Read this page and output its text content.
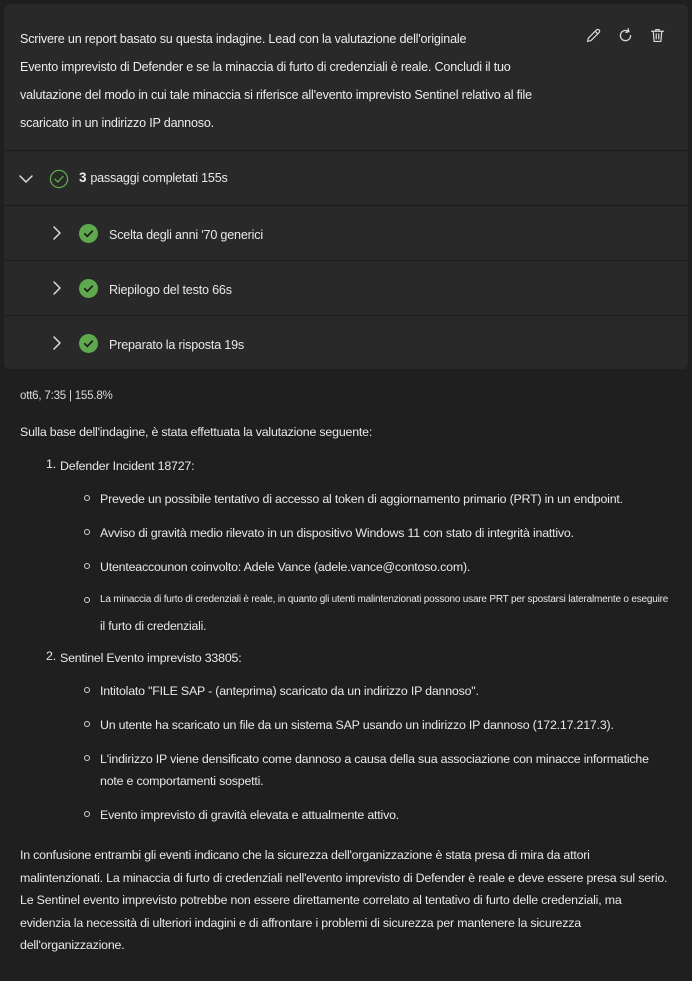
Scrivere un report basato su questa indagine. Lead con la valutazione dell'originale
Evento imprevisto di Defender e se la minaccia di furto di credenziali è reale. Concludi il tuo
valutazione del modo in cui tale minaccia si riferisce all'evento imprevisto Sentinel relativo al file
scaricato in un indirizzo IP dannoso.
3 passaggi completati 155s
Scelta degli anni '70 generici
Riepilogo del testo 66s
Preparato la risposta 19s
ott6, 7:35 | 155.8%

Sulla base dell'indagine, è stata effettuata la valutazione seguente:

1. Defender Incident 18727:
Prevede un possibile tentativo di accesso al token di aggiornamento primario (PRT) in un endpoint.
Avviso di gravità medio rilevato in un dispositivo Windows 11 con stato di integrità inattivo.
Utenteaccounon coinvolto: Adele Vance (adele.vance@contoso.com).
La minaccia di furto di credenziali è reale, in quanto gli utenti malintenzionati possono usare PRT per spostarsi lateralmente o eseguire
il furto di credenziali.
2. Sentinel Evento imprevisto 33805:
Intitolato "FILE SAP - (anteprima) scaricato da un indirizzo IP dannoso".
Un utente ha scaricato un file da un sistema SAP usando un indirizzo IP dannoso (172.17.217.3).
L'indirizzo IP viene densificato come dannoso a causa della sua associazione con minacce informatiche note e comportamenti sospetti.
Evento imprevisto di gravità elevata e attualmente attivo.

In confusione entrambi gli eventi indicano che la sicurezza dell'organizzazione è stata presa di mira da attori malintenzionati. La minaccia di furto di credenziali nell'evento imprevisto di Defender è reale e deve essere presa sul serio. Le Sentinel evento imprevisto potrebbe non essere direttamente correlato al tentativo di furto delle credenziali, ma evidenzia la necessità di ulteriori indagini e di affrontare i problemi di sicurezza per mantenere la sicurezza dell'organizzazione.
